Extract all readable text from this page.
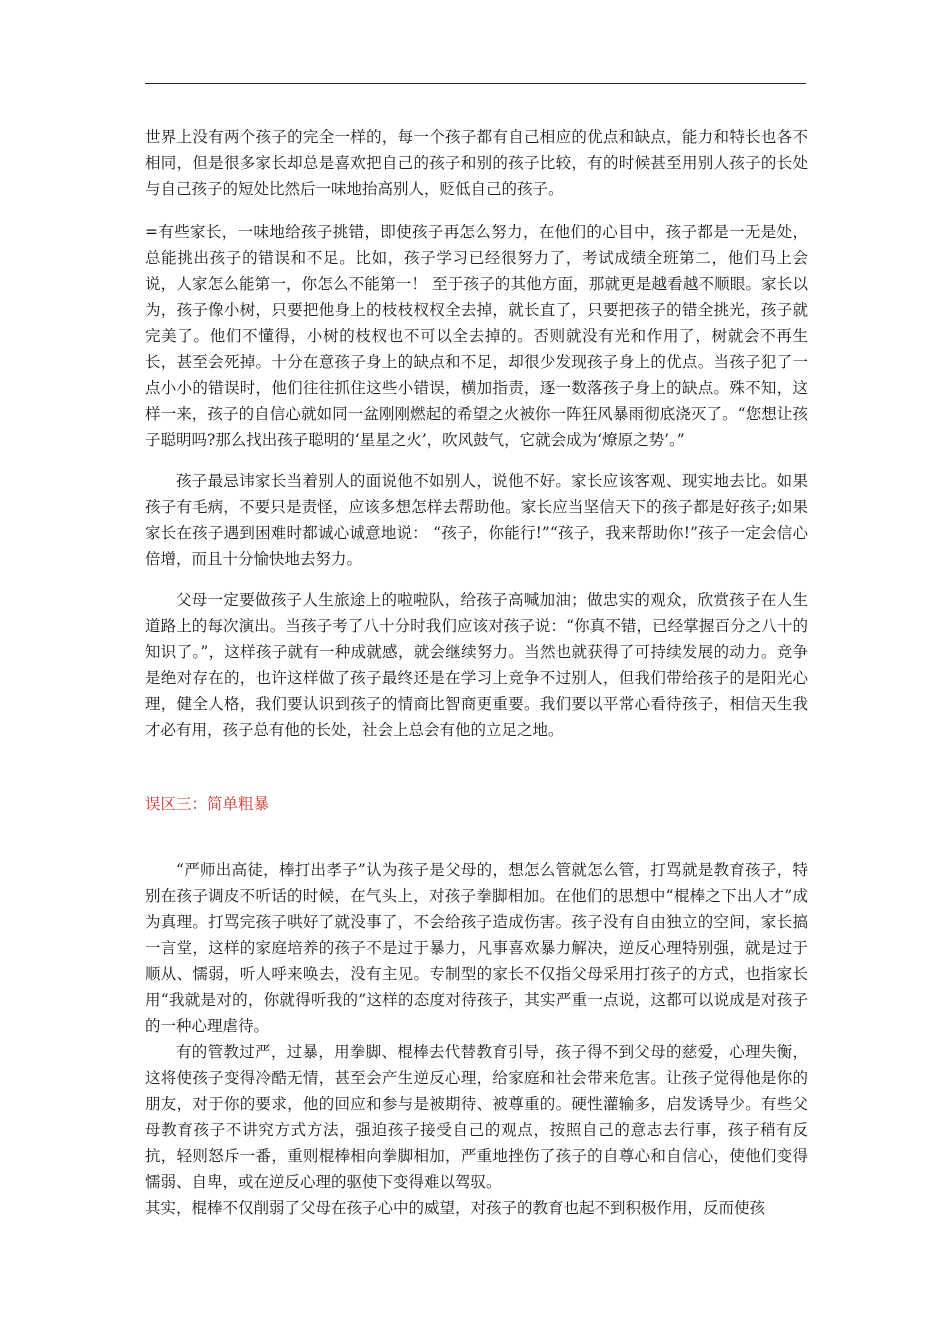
世界上没有两个孩子的完全一样的，每一个孩子都有自己相应的优点和缺点，能力和特长也各不相同，但是很多家长却总是喜欢把自己的孩子和别的孩子比较，有的时候甚至用别人孩子的长处与自己孩子的短处比然后一味地抬高别人，贬低自己的孩子。

=有些家长，一味地给孩子挑错，即使孩子再怎么努力，在他们的心目中，孩子都是一无是处，总能挑出孩子的错误和不足。比如，孩子学习已经很努力了，考试成绩全班第二，他们马上会说，人家怎么能第一，你怎么不能第一！ 至于孩子的其他方面，那就更是越看越不顺眼。家长以为，孩子像小树，只要把他身上的枝枝杈杈全去掉，就长直了，只要把孩子的错全挑光，孩子就完美了。他们不懂得，小树的枝杈也不可以全去掉的。否则就没有光和作用了，树就会不再生长，甚至会死掉。十分在意孩子身上的缺点和不足，却很少发现孩子身上的优点。当孩子犯了一点小小的错误时，他们往往抓住这些小错误，横加指责，逐一数落孩子身上的缺点。殊不知，这样一来，孩子的自信心就如同一盆刚刚燃起的希望之火被你一阵狂风暴雨彻底浇灭了。“您想让孩子聪明吗?那么找出孩子聪明的‘星星之火’，吹风鼓气，它就会成为‘燎原之势’。”

孩子最忌讳家长当着别人的面说他不如别人，说他不好。家长应该客观、现实地去比。如果孩子有毛病，不要只是责怪，应该多想怎样去帮助他。家长应当坚信天下的孩子都是好孩子;如果家长在孩子遇到困难时都诚心诚意地说： “孩子，你能行!”“孩子，我来帮助你!”孩子一定会信心倍增，而且十分愉快地去努力。

父母一定要做孩子人生旅途上的啦啦队，给孩子高喊加油；做忠实的观众，欣赏孩子在人生道路上的每次演出。当孩子考了八十分时我们应该对孩子说：“你真不错，已经掌握百分之八十的知识了。”，这样孩子就有一种成就感，就会继续努力。当然也就获得了可持续发展的动力。竞争是绝对存在的，也许这样做了孩子最终还是在学习上竞争不过别人，但我们带给孩子的是阳光心理，健全人格，我们要认识到孩子的情商比智商更重要。我们要以平常心看待孩子，相信天生我才必有用，孩子总有他的长处，社会上总会有他的立足之地。

误区三：简单粗暴

“严师出高徒，棒打出孝子”认为孩子是父母的，想怎么管就怎么管，打骂就是教育孩子，特别在孩子调皮不听话的时候，在气头上，对孩子拳脚相加。在他们的思想中“棍棒之下出人才”成为真理。打骂完孩子哄好了就没事了，不会给孩子造成伤害。孩子没有自由独立的空间，家长搞一言堂，这样的家庭培养的孩子不是过于暴力，凡事喜欢暴力解决，逆反心理特别强，就是过于顺从、懦弱，听人呼来唤去，没有主见。专制型的家长不仅指父母采用打孩子的方式，也指家长用“我就是对的，你就得听我的”这样的态度对待孩子，其实严重一点说，这都可以说成是对孩子的一种心理虐待。

有的管教过严，过暴，用拳脚、棍棒去代替教育引导，孩子得不到父母的慈爱，心理失衡，这将使孩子变得冷酷无情，甚至会产生逆反心理，给家庭和社会带来危害。让孩子觉得他是你的朋友，对于你的要求，他的回应和参与是被期待、被尊重的。硬性灌输多，启发诱导少。有些父母教育孩子不讲究方式方法，强迫孩子接受自己的观点，按照自己的意志去行事，孩子稍有反抗，轻则怒斥一番，重则棍棒相向拳脚相加，严重地挫伤了孩子的自尊心和自信心，使他们变得懦弱、自卑，或在逆反心理的驱使下变得难以驾驭。

其实，棍棒不仅削弱了父母在孩子心中的威望，对孩子的教育也起不到积极作用，反而使孩
